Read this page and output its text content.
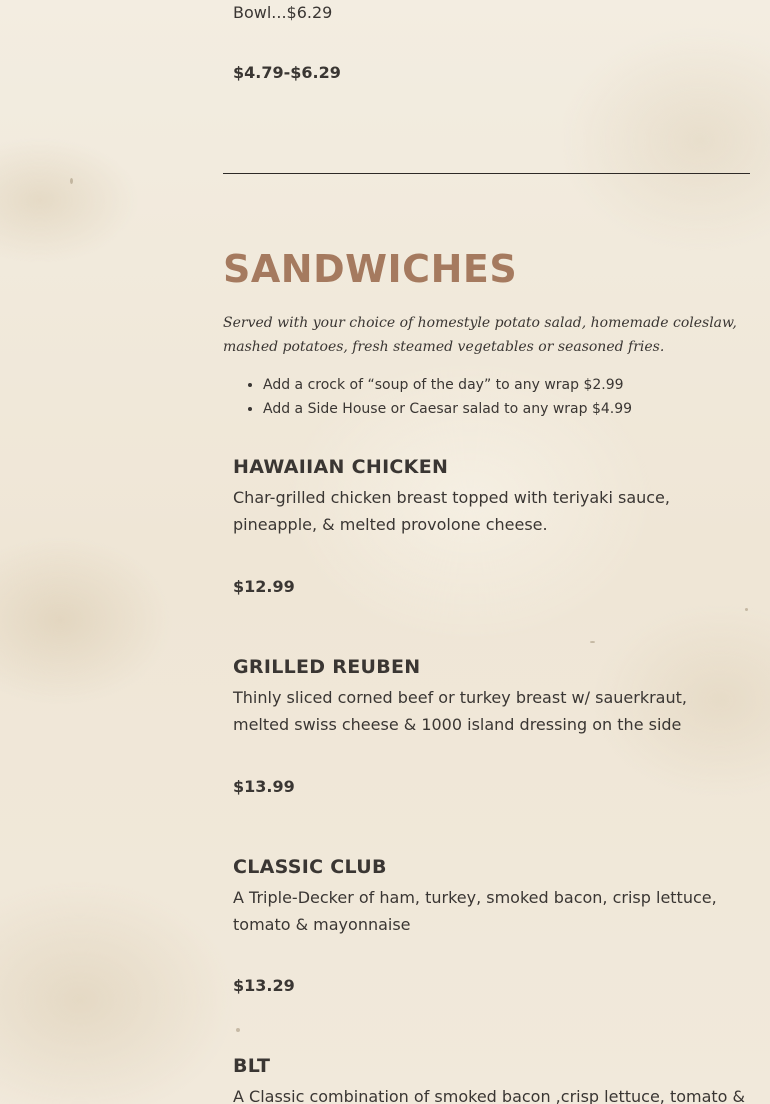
Bowl...$6.29

$4.79-$6.29

SANDWICHES

Served with your choice of homestyle potato salad, homemade coleslaw, mashed potatoes, fresh steamed vegetables or seasoned fries.

• Add a crock of “soup of the day” to any wrap $2.99
• Add a Side House or Caesar salad to any wrap $4.99
HAWAIIAN CHICKEN

Char-grilled chicken breast topped with teriyaki sauce, pineapple, & melted provolone cheese.

$12.99

GRILLED REUBEN

Thinly sliced corned beef or turkey breast w/ sauerkraut, melted swiss cheese & 1000 island dressing on the side

$13.99

CLASSIC CLUB

A Triple-Decker of ham, turkey, smoked bacon, crisp lettuce, tomato & mayonnaise

$13.29

BLT

A Classic combination of smoked bacon ,crisp lettuce, tomato &
